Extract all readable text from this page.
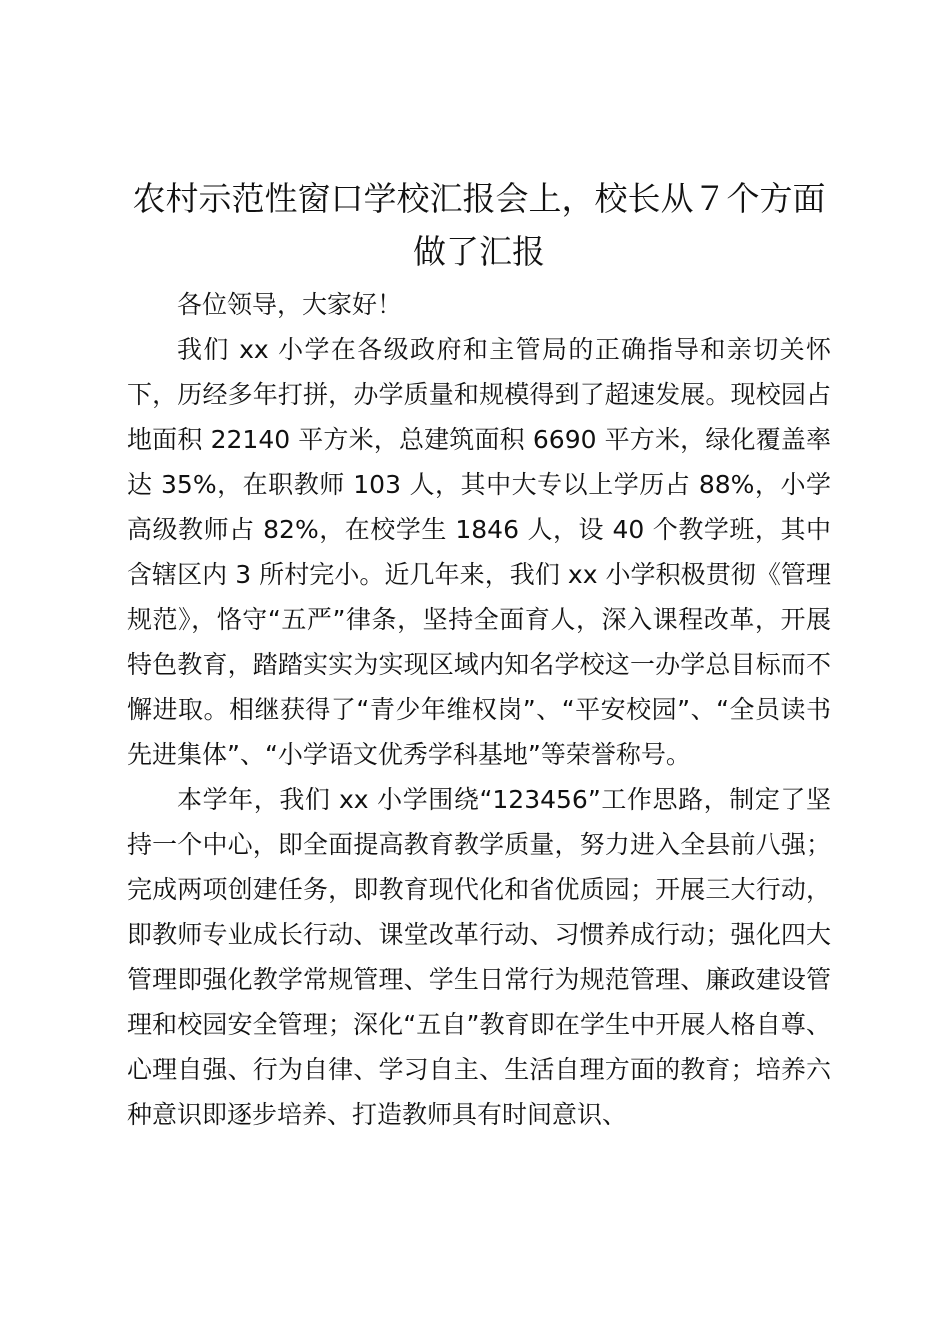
农村示范性窗口学校汇报会上，校长从７个方面做了汇报

各位领导，大家好！

我们 xx 小学在各级政府和主管局的正确指导和亲切关怀下，历经多年打拼，办学质量和规模得到了超速发展。现校园占地面积 22140 平方米，总建筑面积 6690 平方米，绿化覆盖率达 35%，在职教师 103 人，其中大专以上学历占 88%，小学高级教师占 82%，在校学生 1846 人，设 40 个教学班，其中含辖区内 3 所村完小。近几年来，我们 xx 小学积极贯彻《管理规范》，恪守“五严”律条，坚持全面育人，深入课程改革，开展特色教育，踏踏实实为实现区域内知名学校这一办学总目标而不懈进取。相继获得了“青少年维权岗”、“平安校园”、“全员读书先进集体”、“小学语文优秀学科基地”等荣誉称号。

本学年，我们 xx 小学围绕“123456”工作思路，制定了坚持一个中心，即全面提高教育教学质量，努力进入全县前八强；完成两项创建任务，即教育现代化和省优质园；开展三大行动，即教师专业成长行动、课堂改革行动、习惯养成行动；强化四大管理即强化教学常规管理、学生日常行为规范管理、廉政建设管理和校园安全管理；深化“五自”教育即在学生中开展人格自尊、心理自强、行为自律、学习自主、生活自理方面的教育；培养六种意识即逐步培养、打造教师具有时间意识、
